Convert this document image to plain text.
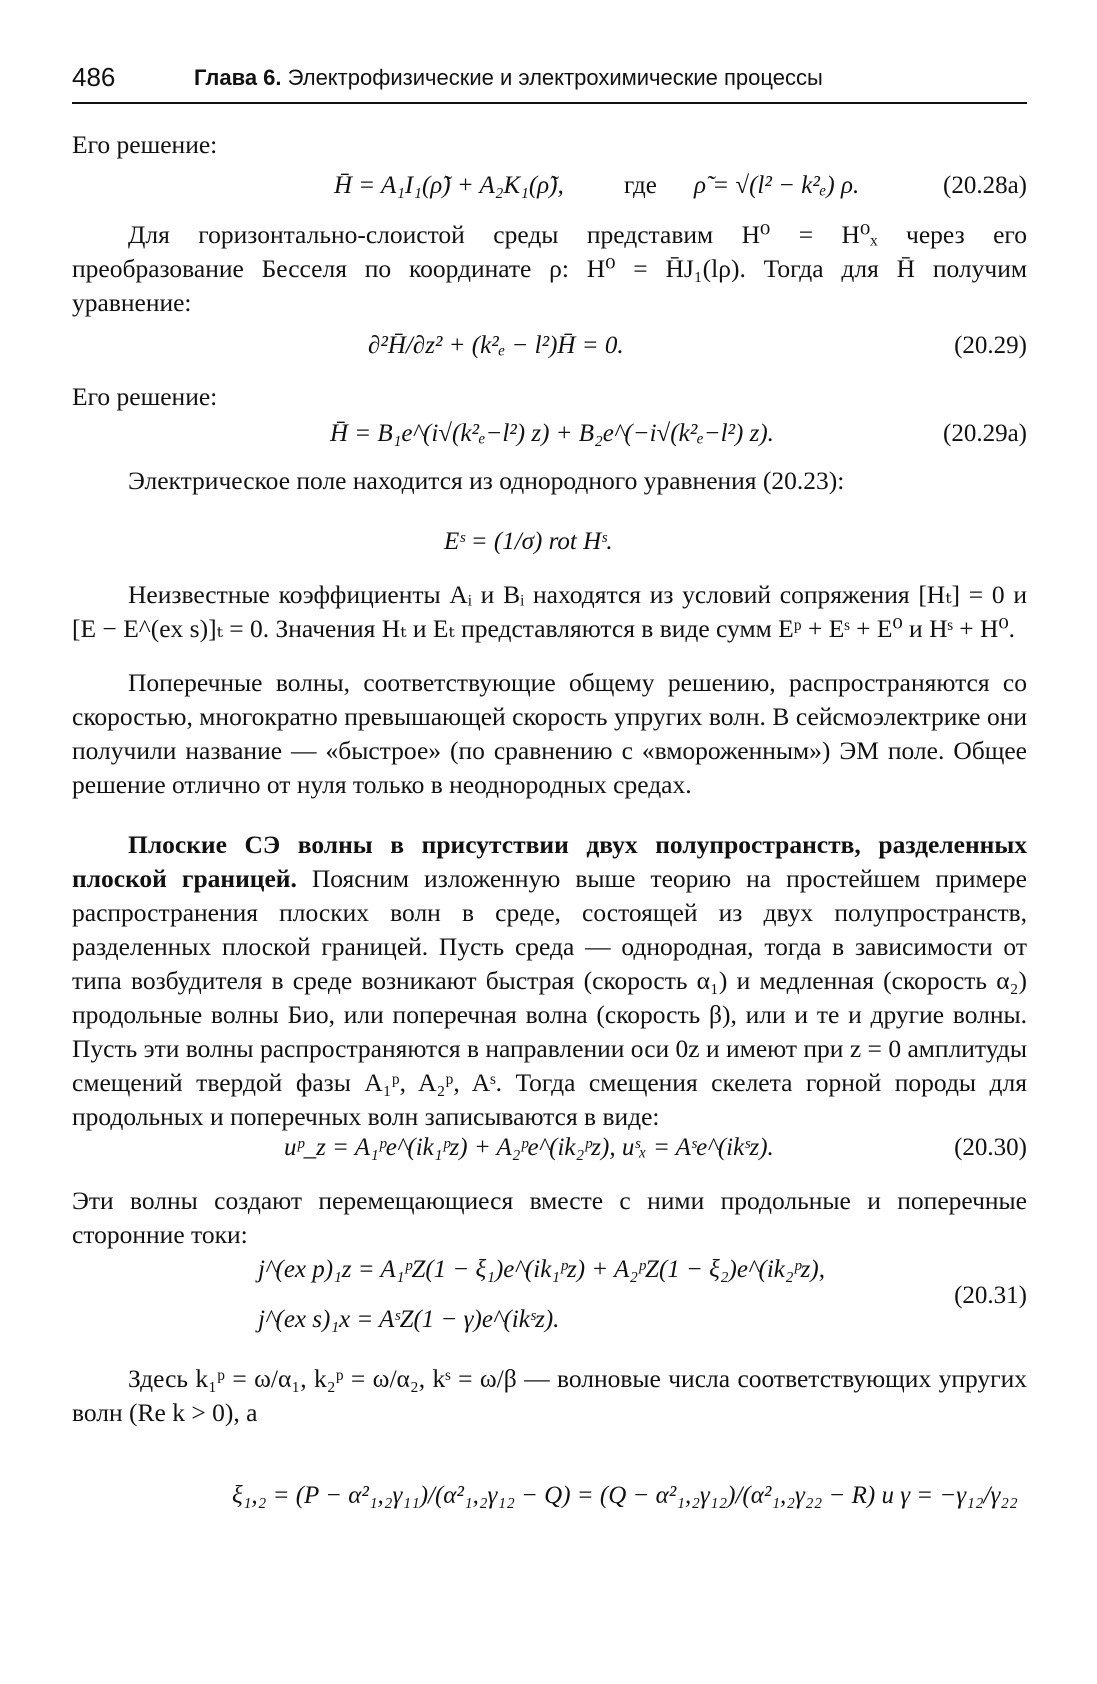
486	Глава 6. Электрофизические и электрохимические процессы
Его решение:
H̄ = A₁I₁(ρ̃) + A₂K₁(ρ̃), где ρ̃ = √(l² − k²ₑ) ρ.	(20.28a)
Для горизонтально-слоистой среды представим H⁰ = H⁰ₓ через его преобразование Бесселя по координате ρ: H⁰ = H̄J₁(lρ). Тогда для H̄ получим уравнение:
∂²H̄/∂z² + (k²ₑ − l²)H̄ = 0.	(20.29)
Его решение:
H̄ = B₁e^(i√(k²ₑ−l²) z) + B₂e^(−i√(k²ₑ−l²) z).	(20.29a)
Электрическое поле находится из однородного уравнения (20.23):
Eˢ = (1/σ) rot Hˢ.
Неизвестные коэффициенты Aᵢ и Bᵢ находятся из условий сопряжения [Hₜ] = 0 и [E − E^(ex s)]ₜ = 0. Значения Hₜ и Eₜ представляются в виде сумм Eᵖ + Eˢ + E⁰ и Hˢ + H⁰.
Поперечные волны, соответствующие общему решению, распространяются со скоростью, многократно превышающей скорость упругих волн. В сейсмоэлектрике они получили название — «быстрое» (по сравнению с «вмороженным») ЭМ поле. Общее решение отлично от нуля только в неоднородных средах.
Плоские СЭ волны в присутствии двух полупространств, разделенных плоской границей. Поясним изложенную выше теорию на простейшем примере распространения плоских волн в среде, состоящей из двух полупространств, разделенных плоской границей. Пусть среда — однородная, тогда в зависимости от типа возбудителя в среде возникают быстрая (скорость α₁) и медленная (скорость α₂) продольные волны Био, или поперечная волна (скорость β), или и те и другие волны. Пусть эти волны распространяются в направлении оси 0z и имеют при z = 0 амплитуды смещений твердой фазы A₁ᵖ, A₂ᵖ, Aˢ. Тогда смещения скелета горной породы для продольных и поперечных волн записываются в виде:
uᵖ_z = A₁ᵖe^(ik₁ᵖz) + A₂ᵖe^(ik₂ᵖz), uˢₓ = Aˢe^(ikˢz).	(20.30)
Эти волны создают перемещающиеся вместе с ними продольные и поперечные сторонние токи:
j^(ex p)₁z = A₁ᵖZ(1 − ξ₁)e^(ik₁ᵖz) + A₂ᵖZ(1 − ξ₂)e^(ik₂ᵖz),
j^(ex s)₁x = AˢZ(1 − γ)e^(ikˢz).
(20.31)
Здесь k₁ᵖ = ω/α₁, k₂ᵖ = ω/α₂, kˢ = ω/β — волновые числа соответствующих упругих волн (Re k > 0), а
ξ₁,₂ = (P − α²₁,₂γ₁₁)/(α²₁,₂γ₁₂ − Q) = (Q − α²₁,₂γ₁₂)/(α²₁,₂γ₂₂ − R) и γ = −γ₁₂/γ₂₂
